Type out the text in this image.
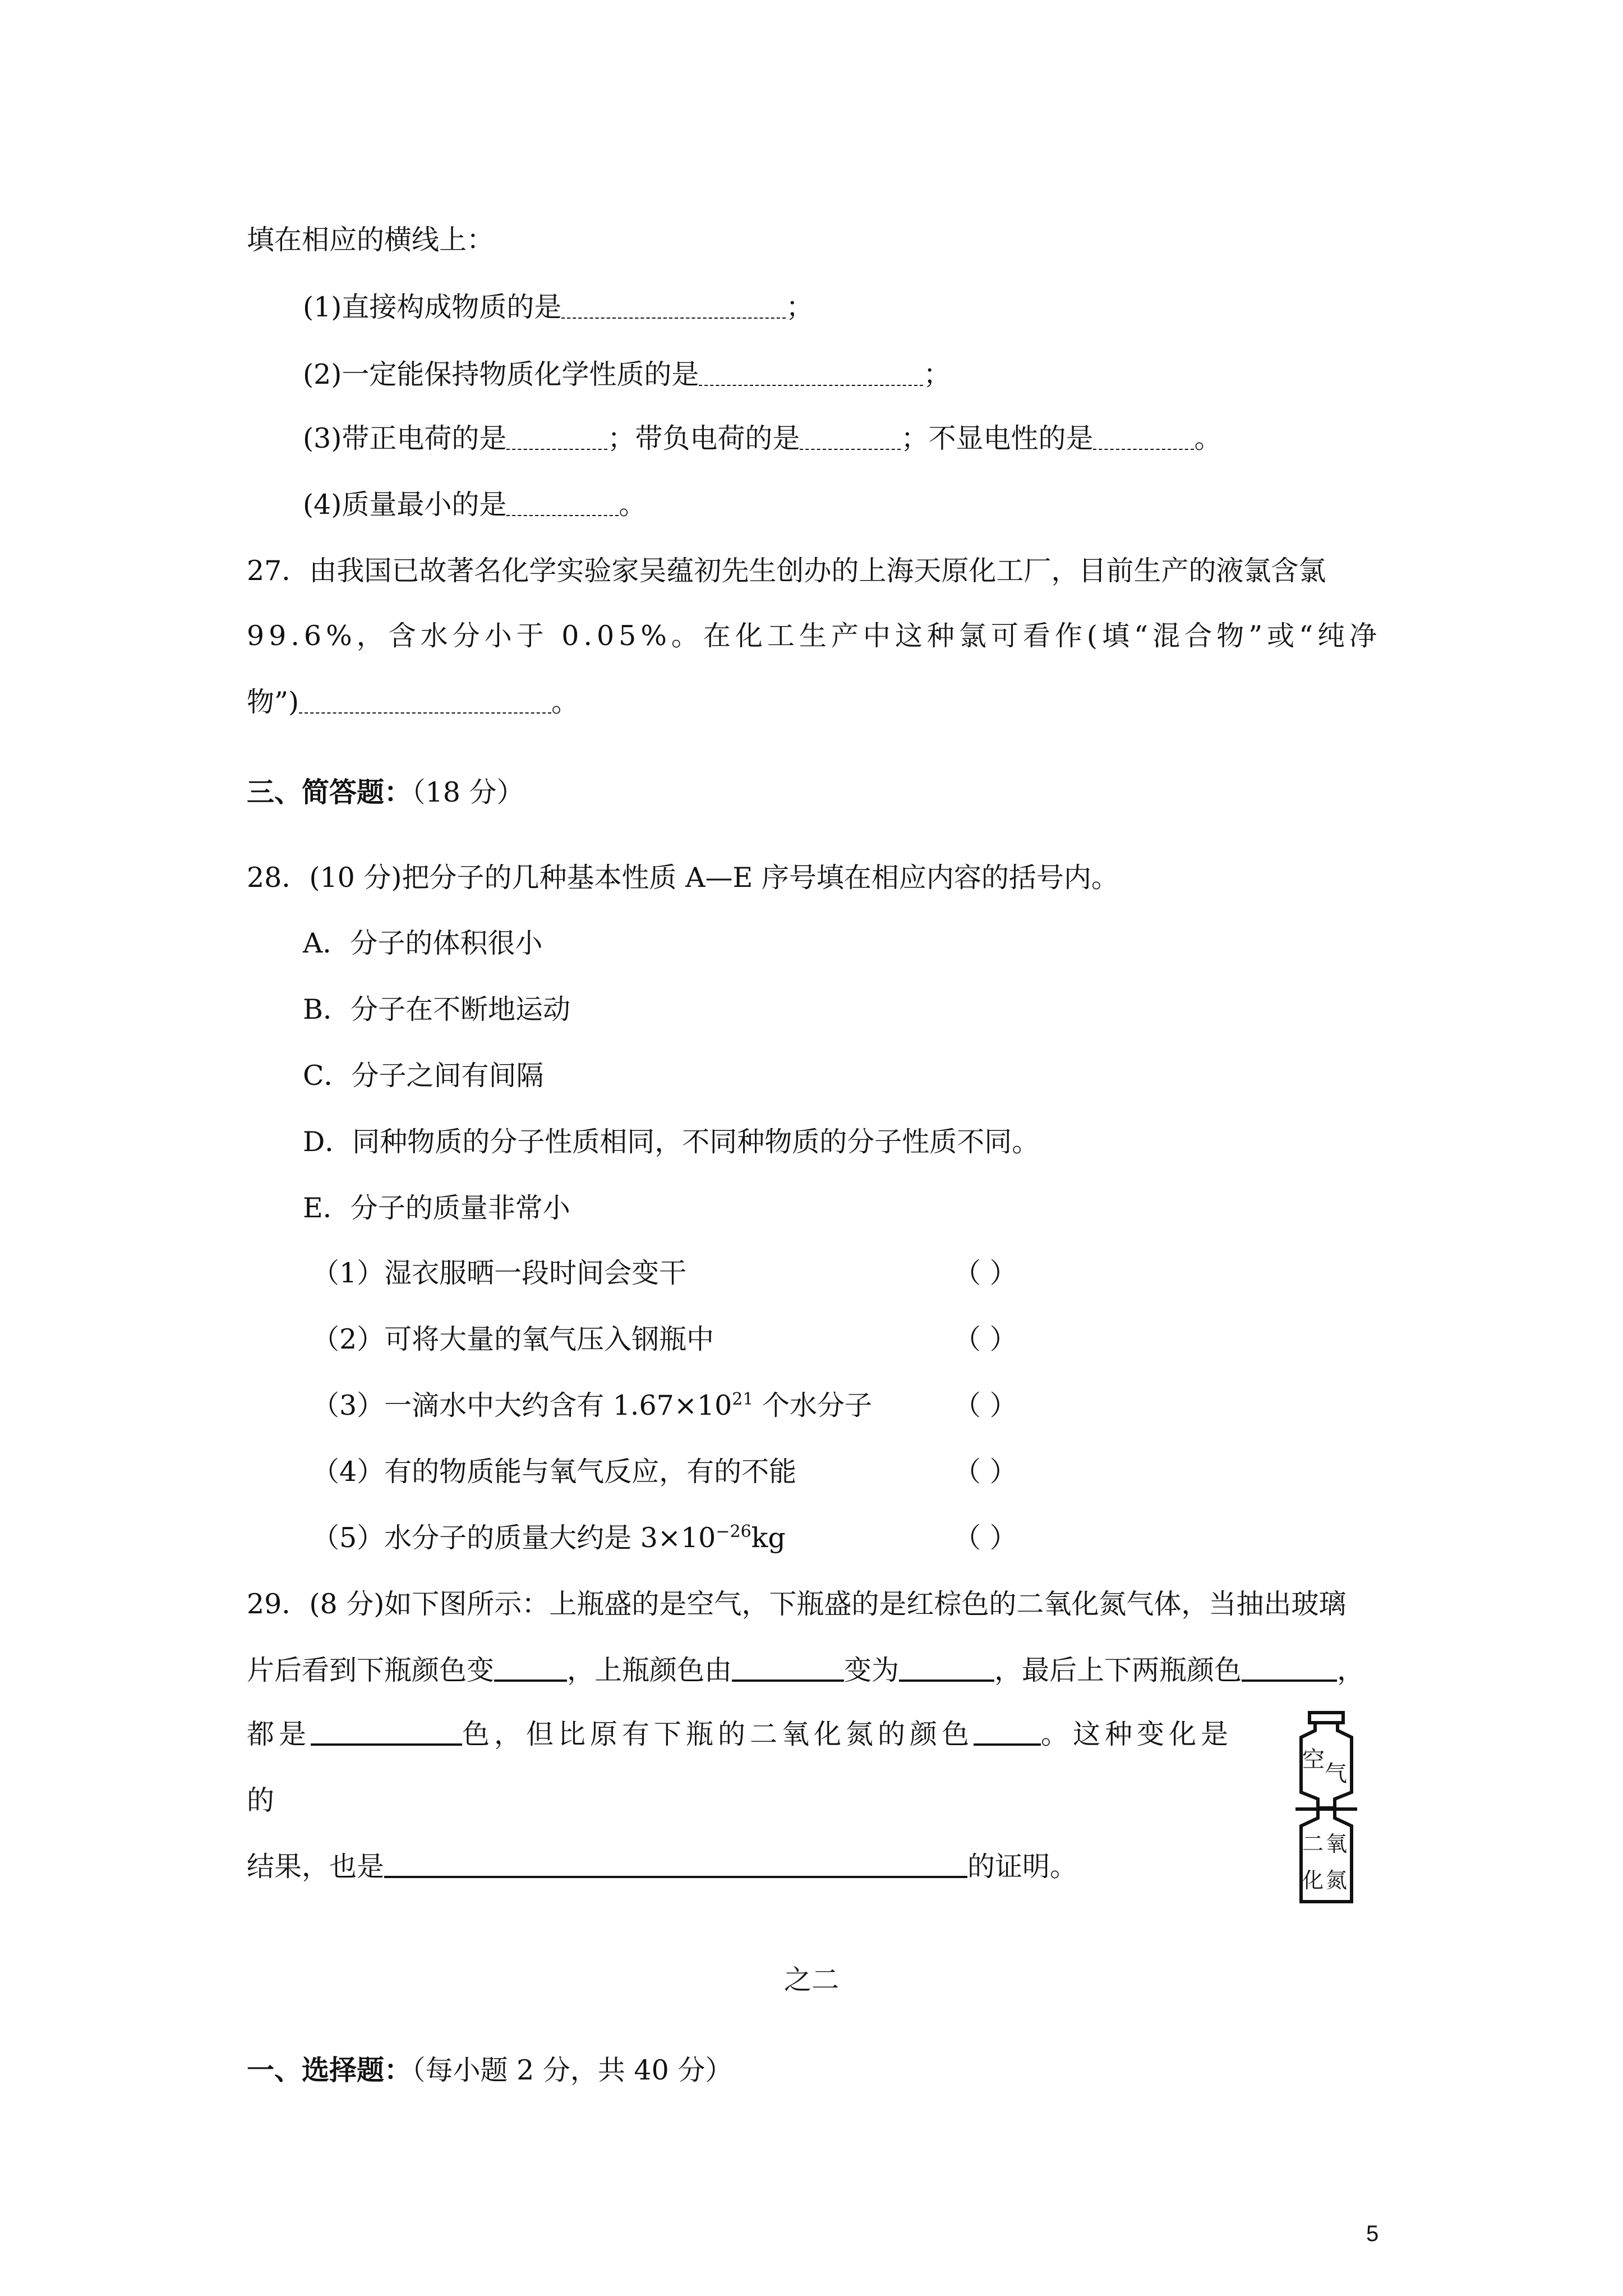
填在相应的横线上：
(1)直接构成物质的是	；
(2)一定能保持物质化学性质的是	；
(3)带正电荷的是	；带负电荷的是	；不显电性的是	。
(4)质量最小的是	。
27．由我国已故著名化学实验家吴蕴初先生创办的上海天原化工厂，目前生产的液氯含氯
99.6%，含水分小于 0.05%。在化工生产中这种氯可看作(填“混合物”或“纯净
物”)	。
三、简答题：（18 分）
28．(10 分)把分子的几种基本性质 A—E 序号填在相应内容的括号内。
A．分子的体积很小
B．分子在不断地运动
C．分子之间有间隔
D．同种物质的分子性质相同，不同种物质的分子性质不同。
E．分子的质量非常小
（1）湿衣服晒一段时间会变干	（ ）
（2）可将大量的氧气压入钢瓶中	（ ）
（3）一滴水中大约含有 $1.67\times 10^{21}$ 个水分子	（ ）
（4）有的物质能与氧气反应，有的不能	（ ）
（5）水分子的质量大约是 $3\times 10^{-26}kg$	（ ）
29．(8 分)如下图所示：上瓶盛的是空气，下瓶盛的是红棕色的二氧化氮气体，当抽出玻璃
片后看到下瓶颜色变	，上瓶颜色由	变为	，最后上下两瓶颜色	，
都是	色，但比原有下瓶的二氧化氮的颜色 。这种变化是
的
结果，也是	的证明。
空
气
二 氧
化 氮
之二
一、选择题：（每小题 2 分，共 40 分）
5
